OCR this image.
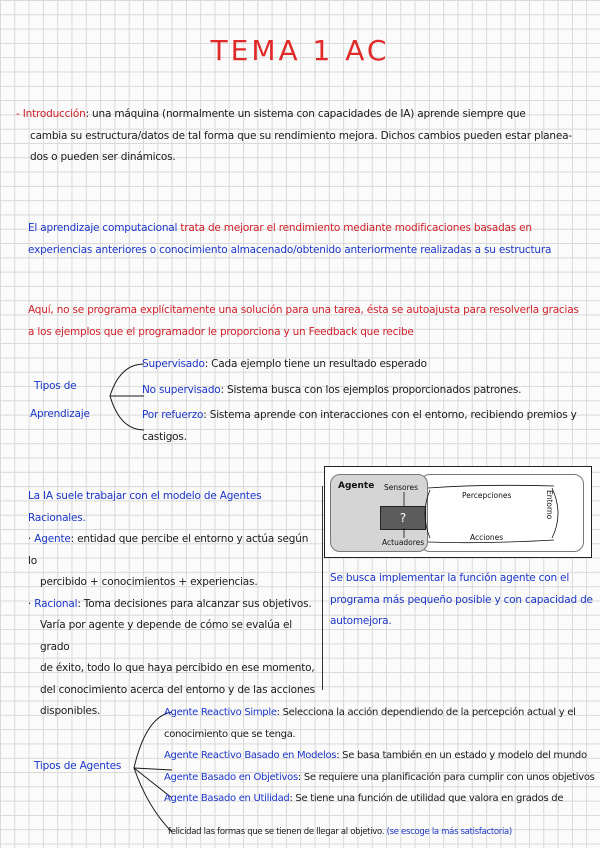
TEMA 1 AC
- Introducción: una máquina (normalmente un sistema con capacidades de IA) aprende siempre que
cambia su estructura/datos de tal forma que su rendimiento mejora. Dichos cambios pueden estar planea-
dos o pueden ser dinámicos.
El aprendizaje computacional trata de mejorar el rendimiento mediante modificaciones basadas en
experiencias anteriores o conocimiento almacenado/obtenido anteriormente realizadas a su estructura
Aquí, no se programa explícitamente una solución para una tarea, ésta se autoajusta para resolverla gracias
a los ejemplos que el programador le proporciona y un Feedback que recibe
Tipos de
Aprendizaje
Supervisado: Cada ejemplo tiene un resultado esperado
No supervisado: Sistema busca con los ejemplos proporcionados patrones.
Por refuerzo: Sistema aprende con interacciones con el entorno, recibiendo premios y
castigos.
La IA suele trabajar con el modelo de Agentes Racionales.
· Agente: entidad que percibe el entorno y actúa según lo
percibido + conocimientos + experiencias.
· Racional: Toma decisiones para alcanzar sus objetivos.
Varía por agente y depende de cómo se evalúa el grado
de éxito, todo lo que haya percibido en ese momento,
del conocimiento acerca del entorno y de las acciones
disponibles.
Agente Sensores
?
Actuadores
Percepciones
Acciones
Entorno
Se busca implementar la función agente con el
programa más pequeño posible y con capacidad de
automejora.
Tipos de Agentes
Agente Reactivo Simple: Selecciona la acción dependiendo de la percepción actual y el
conocimiento que se tenga.
Agente Reactivo Basado en Modelos: Se basa también en un estado y modelo del mundo
Agente Basado en Objetivos: Se requiere una planificación para cumplir con unos objetivos
Agente Basado en Utilidad: Se tiene una función de utilidad que valora en grados de
felicidad las formas que se tienen de llegar al objetivo. (se escoge la más satisfactoria)
